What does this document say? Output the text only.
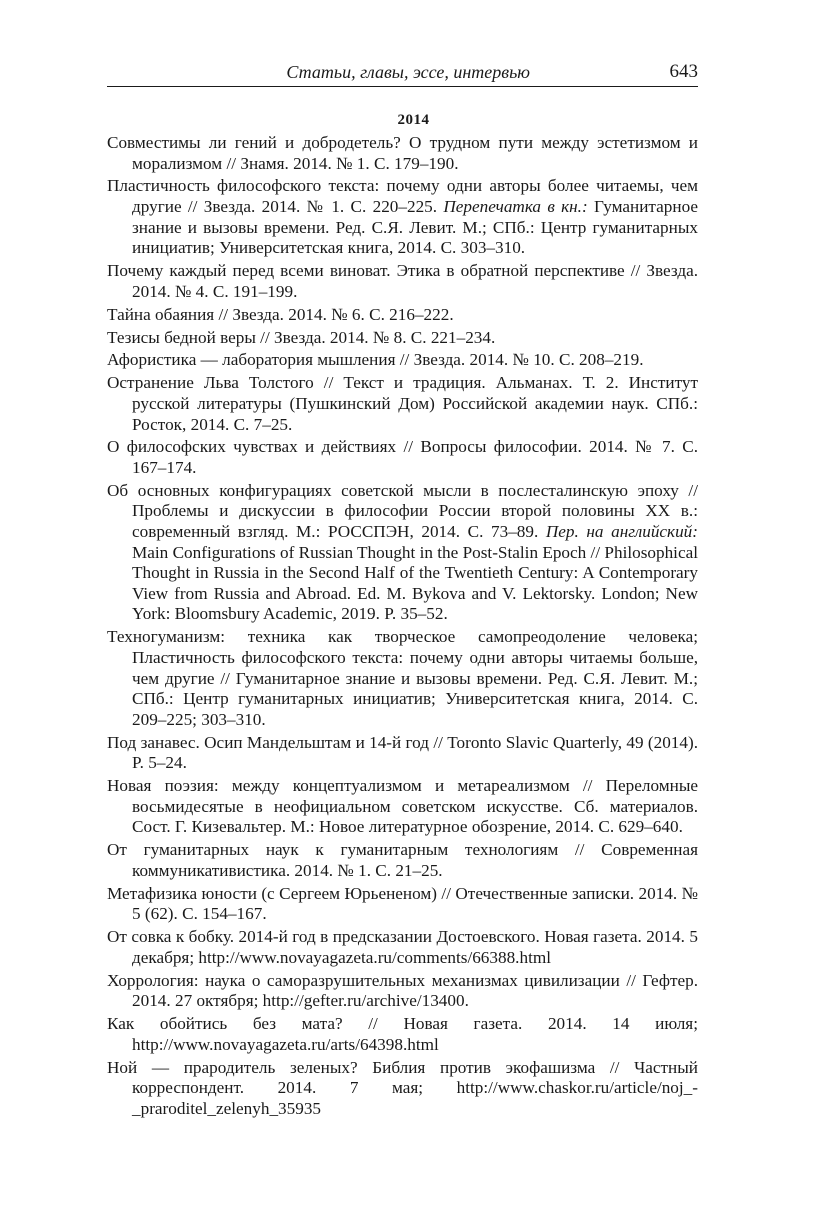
Статьи, главы, эссе, интервью	643
2014
Совместимы ли гений и добродетель? О трудном пути между эстетизмом и морализмом // Знамя. 2014. № 1. С. 179–190.
Пластичность философского текста: почему одни авторы более читаемы, чем другие // Звезда. 2014. № 1. С. 220–225. Перепечатка в кн.: Гуманитарное знание и вызовы времени. Ред. С.Я. Левит. М.; СПб.: Центр гуманитарных инициатив; Университетская книга, 2014. С. 303–310.
Почему каждый перед всеми виноват. Этика в обратной перспективе // Звезда. 2014. № 4. С. 191–199.
Тайна обаяния // Звезда. 2014. № 6. С. 216–222.
Тезисы бедной веры // Звезда. 2014. № 8. С. 221–234.
Афористика — лаборатория мышления // Звезда. 2014. № 10. С. 208–219.
Остранение Льва Толстого // Текст и традиция. Альманах. Т. 2. Институт русской литературы (Пушкинский Дом) Российской академии наук. СПб.: Росток, 2014. С. 7–25.
О философских чувствах и действиях // Вопросы философии. 2014. № 7. С. 167–174.
Об основных конфигурациях советской мысли в послесталинскую эпоху // Проблемы и дискуссии в философии России второй половины XX в.: современный взгляд. М.: РОССПЭН, 2014. С. 73–89. Пер. на английский: Main Configurations of Russian Thought in the Post-Stalin Epoch // Philosophical Thought in Russia in the Second Half of the Twentieth Century: A Contemporary View from Russia and Abroad. Ed. M. Bykova and V. Lektorsky. London; New York: Bloomsbury Academic, 2019. P. 35–52.
Техногуманизм: техника как творческое самопреодоление человека; Пластичность философского текста: почему одни авторы читаемы больше, чем другие // Гуманитарное знание и вызовы времени. Ред. С.Я. Левит. М.; СПб.: Центр гуманитарных инициатив; Университетская книга, 2014. С. 209–225; 303–310.
Под занавес. Осип Мандельштам и 14-й год // Toronto Slavic Quarterly, 49 (2014). P. 5–24.
Новая поэзия: между концептуализмом и метареализмом // Переломные восьмидесятые в неофициальном советском искусстве. Сб. материалов. Сост. Г. Кизевальтер. М.: Новое литературное обозрение, 2014. С. 629–640.
От гуманитарных наук к гуманитарным технологиям // Современная коммуникативистика. 2014. № 1. С. 21–25.
Метафизика юности (с Сергеем Юрьененом) // Отечественные записки. 2014. № 5 (62). С. 154–167.
От совка к бобку. 2014-й год в предсказании Достоевского. Новая газета. 2014. 5 декабря; http://www.novayagazeta.ru/comments/66388.html
Хоррология: наука о саморазрушительных механизмах цивилизации // Гефтер. 2014. 27 октября; http://gefter.ru/archive/13400.
Как обойтись без мата? // Новая газета. 2014. 14 июля; http://www.novayagazeta.ru/arts/64398.html
Ной — прародитель зеленых? Библия против экофашизма // Частный корреспондент. 2014. 7 мая; http://www.chaskor.ru/article/noj_-_praroditel_zelenyh_35935
